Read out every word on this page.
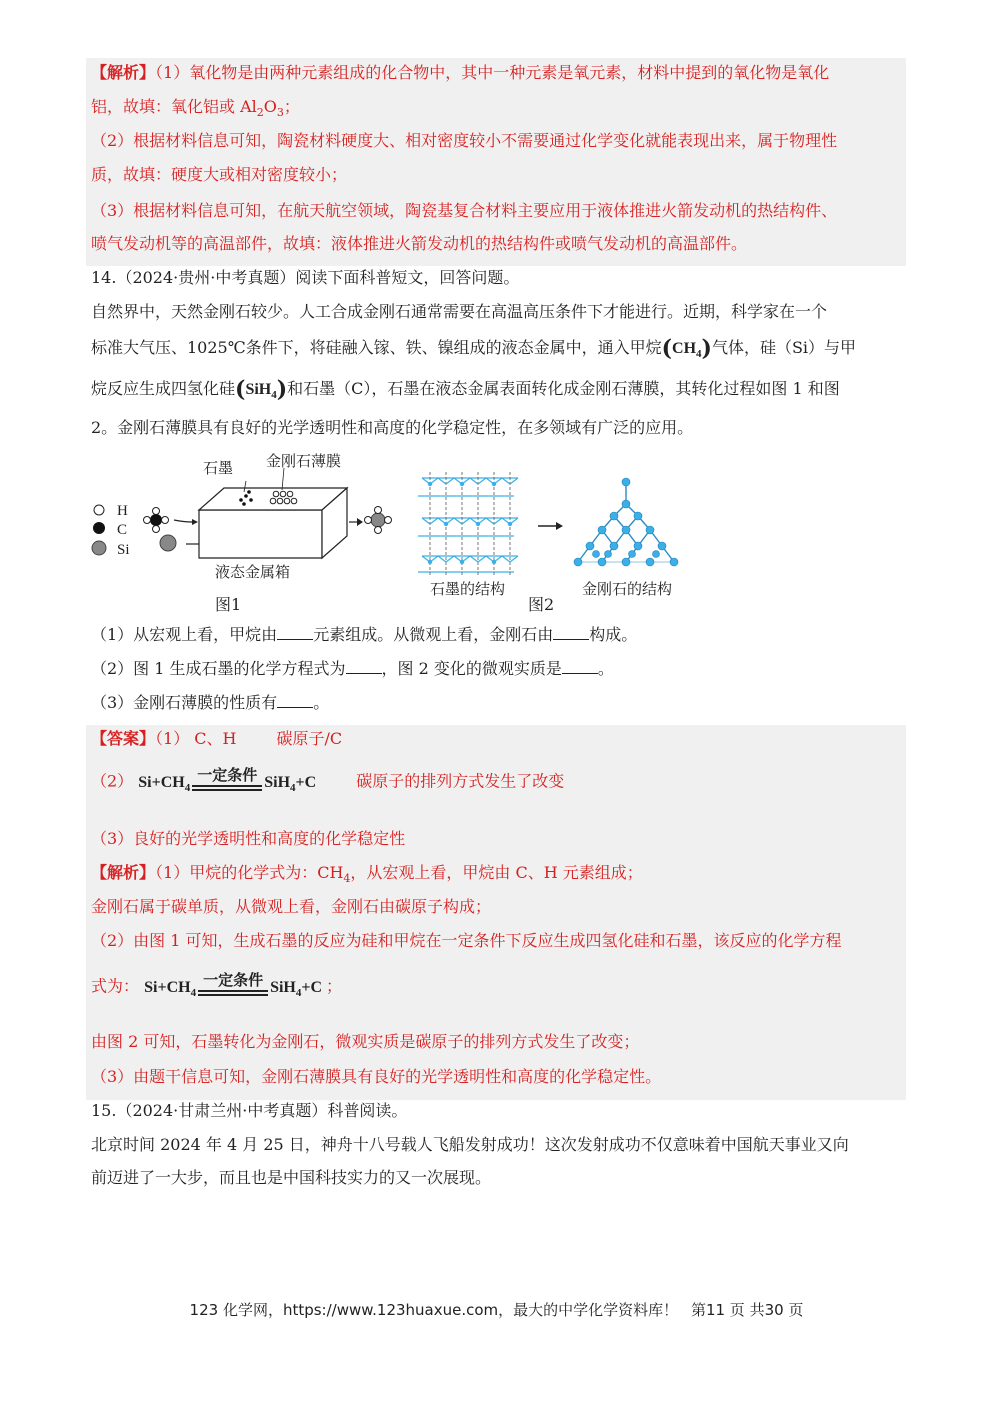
【解析】（1）氧化物是由两种元素组成的化合物中，其中一种元素是氧元素，材料中提到的氧化物是氧化
铝，故填：氧化铝或 $Al_2O_3$；
（2）根据材料信息可知，陶瓷材料硬度大、相对密度较小不需要通过化学变化就能表现出来，属于物理性
质，故填：硬度大或相对密度较小；
（3）根据材料信息可知，在航天航空领域，陶瓷基复合材料主要应用于液体推进火箭发动机的热结构件、
喷气发动机等的高温部件，故填：液体推进火箭发动机的热结构件或喷气发动机的高温部件。
14.（2024·贵州·中考真题）阅读下面科普短文，回答问题。
自然界中，天然金刚石较少。人工合成金刚石通常需要在高温高压条件下才能进行。近期，科学家在一个
标准大气压、1025℃条件下，将硅融入镓、铁、镍组成的液态金属中，通入甲烷$(CH_4)$气体，硅（Si）与甲
烷反应生成四氢化硅(SiH$_4$)和石墨（C），石墨在液态金属表面转化成金刚石薄膜，其转化过程如图 1 和图
2。金刚石薄膜具有良好的光学透明性和高度的化学稳定性，在多领域有广泛的应用。
H
C
Si
石墨 金刚石薄膜
液态金属箱
图1
石墨的结构	金刚石的结构
图2
（1）从宏观上看，甲烷由 元素组成。从微观上看，金刚石由 构成。
（2）图 1 生成石墨的化学方程式为 ，图 2 变化的微观实质是 。
（3）金刚石薄膜的性质有 。
【答案】（1） C、H	碳原子/C
（2） $Si+CH_4$
一定条件 SiH$_4$+C	碳原子的排列方式发生了改变
（3）良好的光学透明性和高度的化学稳定性
【解析】（1）甲烷的化学式为：$CH_4$，从宏观上看，甲烷由 C、H 元素组成；
金刚石属于碳单质，从微观上看，金刚石由碳原子构成；
（2）由图 1 可知，生成石墨的反应为硅和甲烷在一定条件下反应生成四氢化硅和石墨，该反应的化学方程
式为： $Si+CH_4$
一定条件 SiH$_4$+C ；
由图 2 可知，石墨转化为金刚石，微观实质是碳原子的排列方式发生了改变；
（3）由题干信息可知，金刚石薄膜具有良好的光学透明性和高度的化学稳定性。
15.（2024·甘肃兰州·中考真题）科普阅读。
北京时间 2024 年 4 月 25 日，神舟十八号载人飞船发射成功！这次发射成功不仅意味着中国航天事业又向
前迈进了一大步，而且也是中国科技实力的又一次展现。
123 化学网，https://www.123huaxue.com，最大的中学化学资料库！ 第11 页 共30 页
